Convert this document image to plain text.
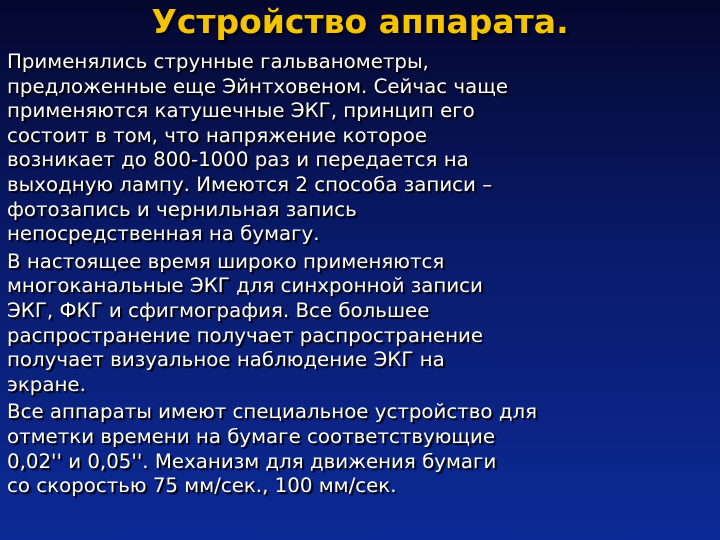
Устройство аппарата.

Применялись струнные гальванометры,
предложенные еще Эйнтховеном. Сейчас чаще
применяются катушечные ЭКГ, принцип его
состоит в том, что напряжение которое
возникает до 800-1000 раз и передается на
выходную лампу. Имеются 2 способа записи –
фотозапись и чернильная запись
непосредственная на бумагу.

В настоящее время широко применяются
многоканальные ЭКГ для синхронной записи
ЭКГ, ФКГ и сфигмография. Все большее
распространение получает распространение
получает визуальное наблюдение ЭКГ на
экране.

Все аппараты имеют специальное устройство для
отметки времени на бумаге соответствующие
0,02'' и 0,05''. Механизм для движения бумаги
со скоростью 75 мм/сек., 100 мм/сек.
